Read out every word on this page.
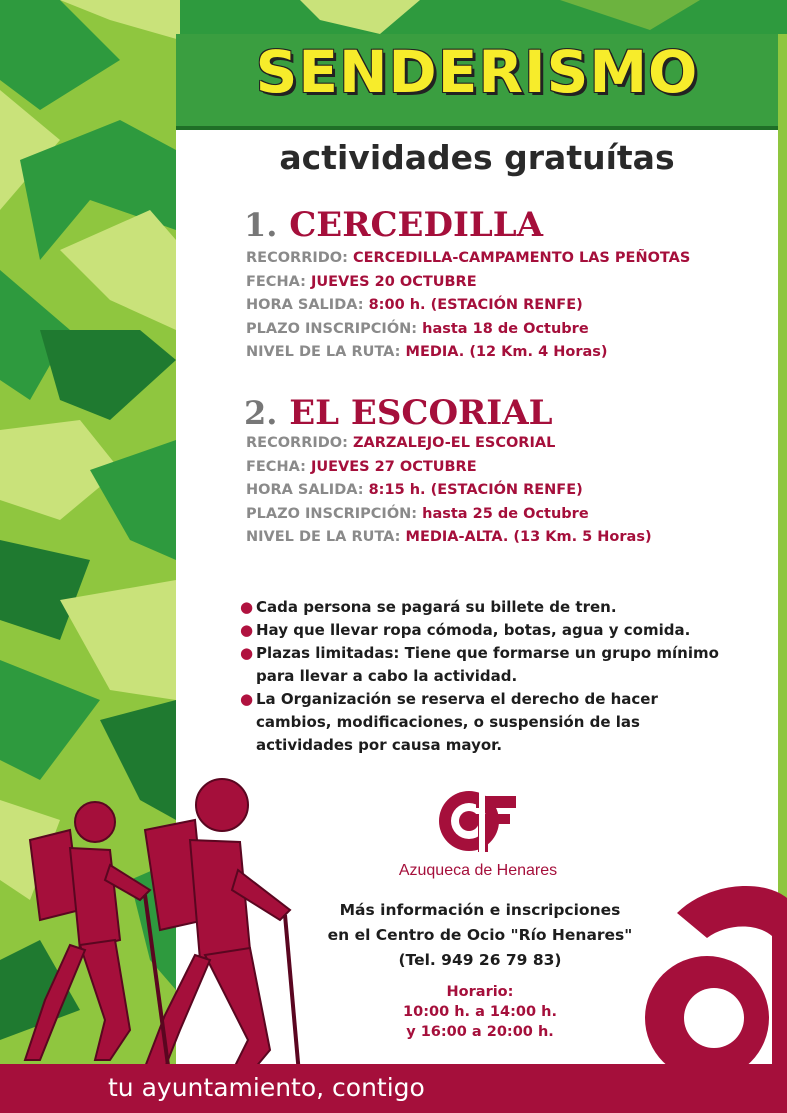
SENDERISMO
actividades gratuítas
1. CERCEDILLA
RECORRIDO: CERCEDILLA-CAMPAMENTO LAS PEÑOTAS
FECHA: JUEVES 20 OCTUBRE
HORA SALIDA: 8:00 h. (ESTACIÓN RENFE)
PLAZO INSCRIPCIÓN: hasta 18 de Octubre
NIVEL DE LA RUTA: MEDIA. (12 Km. 4 Horas)
2. EL ESCORIAL
RECORRIDO: ZARZALEJO-EL ESCORIAL
FECHA: JUEVES 27 OCTUBRE
HORA SALIDA: 8:15 h. (ESTACIÓN RENFE)
PLAZO INSCRIPCIÓN: hasta 25 de Octubre
NIVEL DE LA RUTA: MEDIA-ALTA. (13 Km. 5 Horas)
● Cada persona se pagará su billete de tren.
● Hay que llevar ropa cómoda, botas, agua y comida.
● Plazas limitadas: Tiene que formarse un grupo mínimo
para llevar a cabo la actividad.
● La Organización se reserva el derecho de hacer
cambios, modificaciones, o suspensión de las
actividades por causa mayor.
Azuqueca de Henares
Más información e inscripciones
en el Centro de Ocio "Río Henares"
(Tel. 949 26 79 83)
Horario:
10:00 h. a 14:00 h.
y 16:00 a 20:00 h.
tu ayuntamiento, contigo
